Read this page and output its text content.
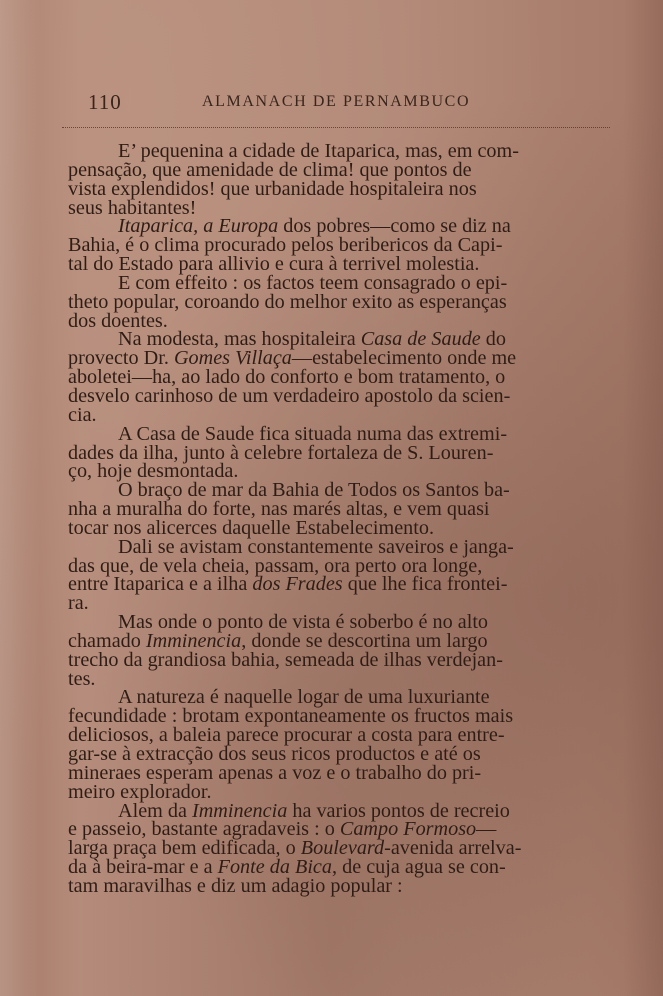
110	ALMANACH DE PERNAMBUCO
E’ pequenina a cidade de Itaparica, mas, em com-
pensação, que amenidade de clima! que pontos de
vista explendidos! que urbanidade hospitaleira nos
seus habitantes!
Itaparica, a Europa dos pobres—como se diz na
Bahia, é o clima procurado pelos beribericos da Capi-
tal do Estado para allivio e cura à terrivel molestia.
E com effeito : os factos teem consagrado o epi-
theto popular, coroando do melhor exito as esperanças
dos doentes.
Na modesta, mas hospitaleira Casa de Saude do
provecto Dr. Gomes Villaça—estabelecimento onde me
aboletei—ha, ao lado do conforto e bom tratamento, o
desvelo carinhoso de um verdadeiro apostolo da scien-
cia.
A Casa de Saude fica situada numa das extremi-
dades da ilha, junto à celebre fortaleza de S. Louren-
ço, hoje desmontada.
O braço de mar da Bahia de Todos os Santos ba-
nha a muralha do forte, nas marés altas, e vem quasi
tocar nos alicerces daquelle Estabelecimento.
Dali se avistam constantemente saveiros e janga-
das que, de vela cheia, passam, ora perto ora longe,
entre Itaparica e a ilha dos Frades que lhe fica frontei-
ra.
Mas onde o ponto de vista é soberbo é no alto
chamado Imminencia, donde se descortina um largo
trecho da grandiosa bahia, semeada de ilhas verdejan-
tes.
A natureza é naquelle logar de uma luxuriante
fecundidade : brotam expontaneamente os fructos mais
deliciosos, a baleia parece procurar a costa para entre-
gar-se à extracção dos seus ricos productos e até os
mineraes esperam apenas a voz e o trabalho do pri-
meiro explorador.
Alem da Imminencia ha varios pontos de recreio
e passeio, bastante agradaveis : o Campo Formoso—
larga praça bem edificada, o Boulevard-avenida arrelva-
da à beira-mar e a Fonte da Bica, de cuja agua se con-
tam maravilhas e diz um adagio popular :
